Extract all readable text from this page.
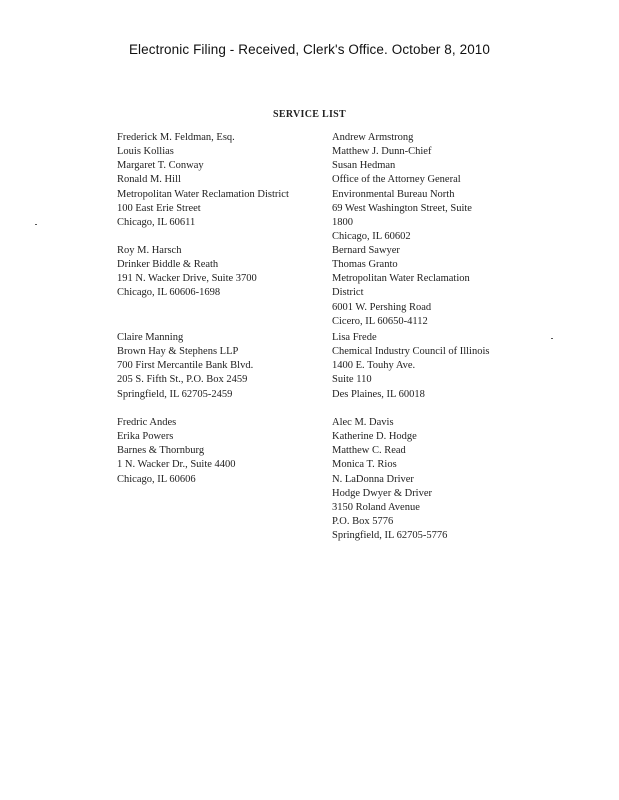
Electronic Filing - Received, Clerk's Office. October 8, 2010
SERVICE LIST
Frederick M. Feldman, Esq.
Louis Kollias
Margaret T. Conway
Ronald M. Hill
Metropolitan Water Reclamation District
100 East Erie Street
Chicago, IL 60611
Roy M. Harsch
Drinker Biddle & Reath
191 N. Wacker Drive, Suite 3700
Chicago, IL 60606-1698
Claire Manning
Brown Hay & Stephens LLP
700 First Mercantile Bank Blvd.
205 S. Fifth St., P.O. Box 2459
Springfield, IL 62705-2459
Fredric Andes
Erika Powers
Barnes & Thornburg
1 N. Wacker Dr., Suite 4400
Chicago, IL 60606
Andrew Armstrong
Matthew J. Dunn-Chief
Susan Hedman
Office of the Attorney General
Environmental Bureau North
69 West Washington Street, Suite
1800
Chicago, IL 60602
Bernard Sawyer
Thomas Granto
Metropolitan Water Reclamation
District
6001 W. Pershing Road
Cicero, IL 60650-4112
Lisa Frede
Chemical Industry Council of Illinois
1400 E. Touhy Ave.
Suite 110
Des Plaines, IL 60018
Alec M. Davis
Katherine D. Hodge
Matthew C. Read
Monica T. Rios
N. LaDonna Driver
Hodge Dwyer & Driver
3150 Roland Avenue
P.O. Box 5776
Springfield, IL 62705-5776
